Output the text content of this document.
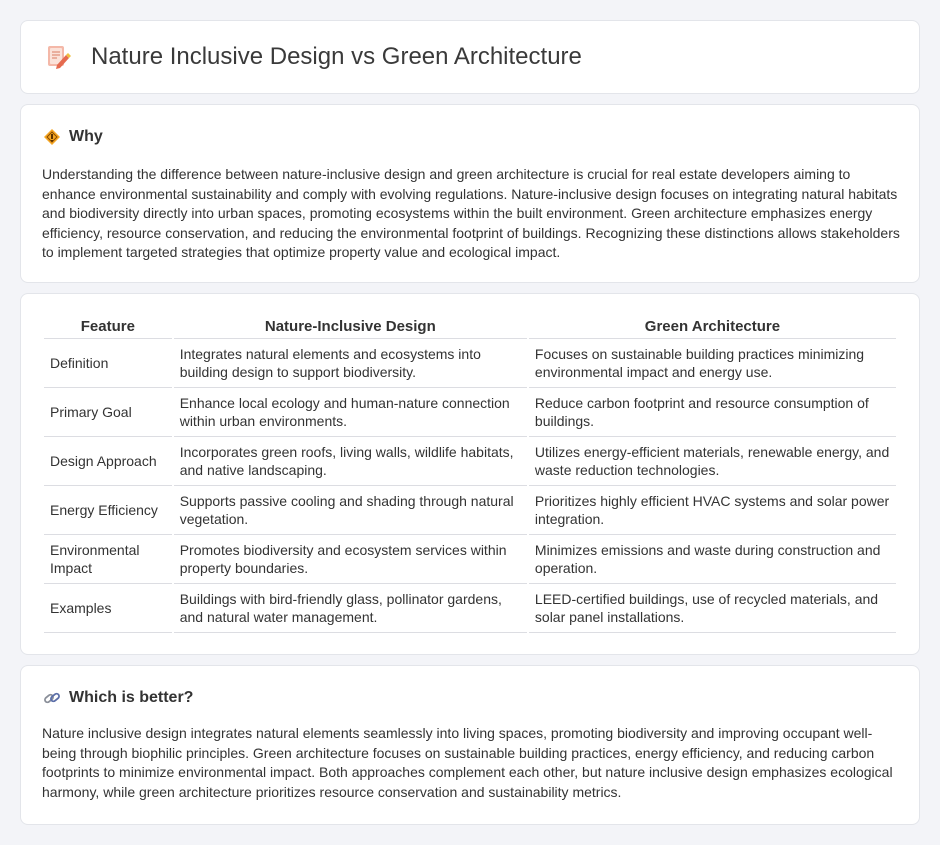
Nature Inclusive Design vs Green Architecture
Why

Understanding the difference between nature-inclusive design and green architecture is crucial for real estate developers aiming to enhance environmental sustainability and comply with evolving regulations. Nature-inclusive design focuses on integrating natural habitats and biodiversity directly into urban spaces, promoting ecosystems within the built environment. Green architecture emphasizes energy efficiency, resource conservation, and reducing the environmental footprint of buildings. Recognizing these distinctions allows stakeholders to implement targeted strategies that optimize property value and ecological impact.

Feature	Nature-Inclusive Design	Green Architecture
Definition	Integrates natural elements and ecosystems into building design to support biodiversity.	Focuses on sustainable building practices minimizing environmental impact and energy use.
Primary Goal	Enhance local ecology and human-nature connection within urban environments.	Reduce carbon footprint and resource consumption of buildings.
Design Approach	Incorporates green roofs, living walls, wildlife habitats, and native landscaping.	Utilizes energy-efficient materials, renewable energy, and waste reduction technologies.
Energy Efficiency	Supports passive cooling and shading through natural vegetation.	Prioritizes highly efficient HVAC systems and solar power integration.
Environmental Impact	Promotes biodiversity and ecosystem services within property boundaries.	Minimizes emissions and waste during construction and operation.
Examples	Buildings with bird-friendly glass, pollinator gardens, and natural water management.	LEED-certified buildings, use of recycled materials, and solar panel installations.
Which is better?

Nature inclusive design integrates natural elements seamlessly into living spaces, promoting biodiversity and improving occupant well-being through biophilic principles. Green architecture focuses on sustainable building practices, energy efficiency, and reducing carbon footprints to minimize environmental impact. Both approaches complement each other, but nature inclusive design emphasizes ecological harmony, while green architecture prioritizes resource conservation and sustainability metrics.
